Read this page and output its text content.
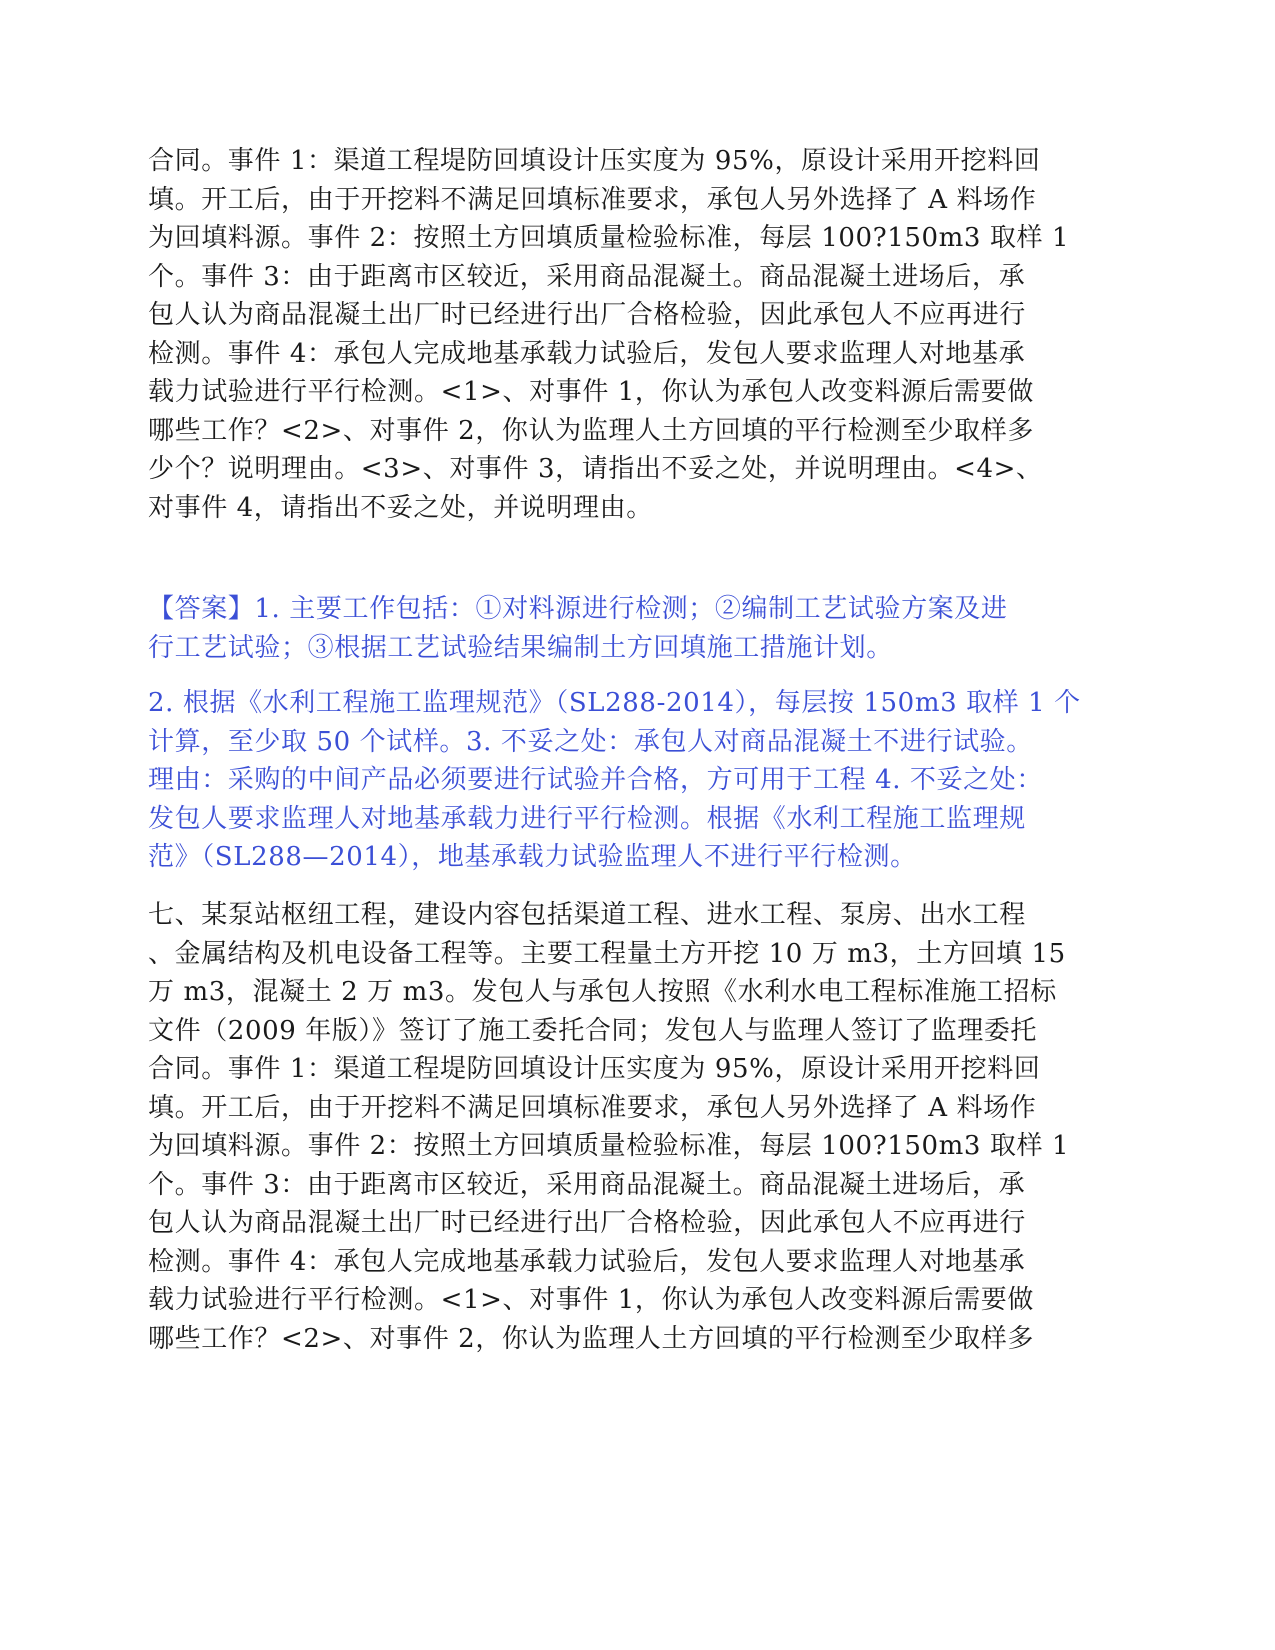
合同。事件 1：渠道工程堤防回填设计压实度为 95%，原设计采用开挖料回
填。开工后，由于开挖料不满足回填标准要求，承包人另外选择了 A 料场作
为回填料源。事件 2：按照土方回填质量检验标准，每层 100?150m3 取样 1
个。事件 3：由于距离市区较近，采用商品混凝土。商品混凝土进场后，承
包人认为商品混凝土出厂时已经进行出厂合格检验，因此承包人不应再进行
检测。事件 4：承包人完成地基承载力试验后，发包人要求监理人对地基承
载力试验进行平行检测。<1>、对事件 1，你认为承包人改变料源后需要做
哪些工作？<2>、对事件 2，你认为监理人土方回填的平行检测至少取样多
少个？说明理由。<3>、对事件 3，请指出不妥之处，并说明理由。<4>、
对事件 4，请指出不妥之处，并说明理由。
【答案】1. 主要工作包括：①对料源进行检测；②编制工艺试验方案及进
行工艺试验；③根据工艺试验结果编制土方回填施工措施计划。
2. 根据《水利工程施工监理规范》（SL288-2014），每层按 150m3 取样 1 个
计算，至少取 50 个试样。3. 不妥之处：承包人对商品混凝土不进行试验。
理由：采购的中间产品必须要进行试验并合格，方可用于工程 4. 不妥之处：
发包人要求监理人对地基承载力进行平行检测。根据《水利工程施工监理规
范》（SL288—2014），地基承载力试验监理人不进行平行检测。
七、某泵站枢纽工程，建设内容包括渠道工程、进水工程、泵房、出水工程
、金属结构及机电设备工程等。主要工程量土方开挖 10 万 m3，土方回填 15
万 m3，混凝土 2 万 m3。发包人与承包人按照《水利水电工程标准施工招标
文件（2009 年版）》签订了施工委托合同；发包人与监理人签订了监理委托
合同。事件 1：渠道工程堤防回填设计压实度为 95%，原设计采用开挖料回
填。开工后，由于开挖料不满足回填标准要求，承包人另外选择了 A 料场作
为回填料源。事件 2：按照土方回填质量检验标准，每层 100?150m3 取样 1
个。事件 3：由于距离市区较近，采用商品混凝土。商品混凝土进场后，承
包人认为商品混凝土出厂时已经进行出厂合格检验，因此承包人不应再进行
检测。事件 4：承包人完成地基承载力试验后，发包人要求监理人对地基承
载力试验进行平行检测。<1>、对事件 1，你认为承包人改变料源后需要做
哪些工作？<2>、对事件 2，你认为监理人土方回填的平行检测至少取样多
